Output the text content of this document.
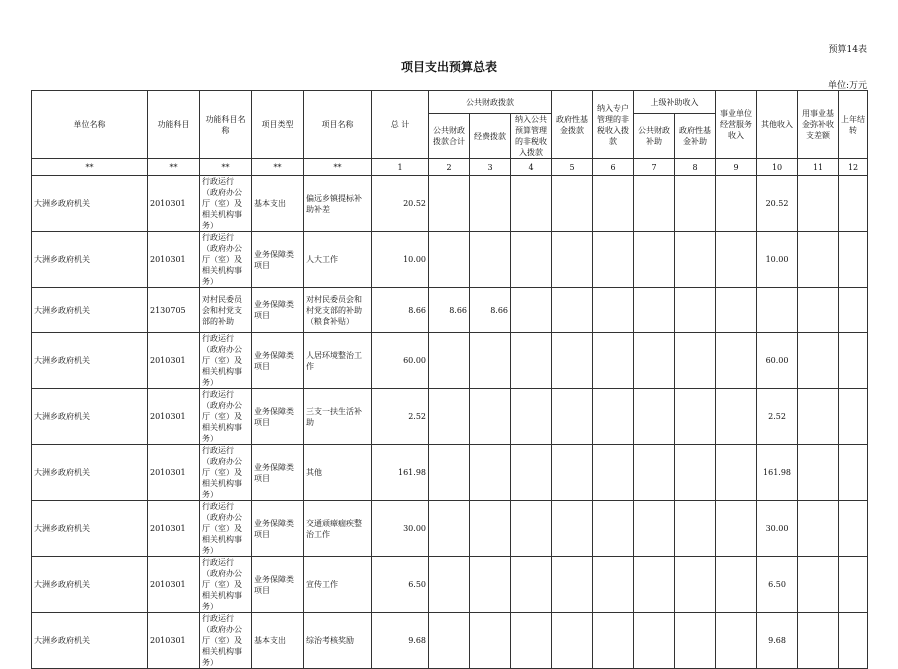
预算14表
项目支出预算总表
单位:万元
单位名称	功能科目	功能科目名称	项目类型	项目名称	总 计	公共财政拨款			政府性基金拨款	纳入专户管理的非税收入拨款	上级补助收入		事业单位经营服务收入	其他收入	用事业基金弥补收支差额	上年结转
						公共财政拨款合计	经费拨款	纳入公共预算管理的非税收入拨款			公共财政补助	政府性基金补助				
**	**	**	**	**	1	2	3	4	5	6	7	8	9	10	11	12
大洲乡政府机关	2010301	行政运行（政府办公厅（室）及相关机构事务）	基本支出	偏远乡镇提标补助补差	20.52									20.52		
大洲乡政府机关	2010301	行政运行（政府办公厅（室）及相关机构事务）	业务保障类项目	人大工作	10.00									10.00		
大洲乡政府机关	2130705	对村民委员会和村党支部的补助	业务保障类项目	对村民委员会和村党支部的补助（粮食补贴）	8.66	8.66	8.66									
大洲乡政府机关	2010301	行政运行（政府办公厅（室）及相关机构事务）	业务保障类项目	人居环境整治工作	60.00									60.00		
大洲乡政府机关	2010301	行政运行（政府办公厅（室）及相关机构事务）	业务保障类项目	三支一扶生活补助	2.52									2.52		
大洲乡政府机关	2010301	行政运行（政府办公厅（室）及相关机构事务）	业务保障类项目	其他	161.98									161.98		
大洲乡政府机关	2010301	行政运行（政府办公厅（室）及相关机构事务）	业务保障类项目	交通顽瘴痼疾整治工作	30.00									30.00		
大洲乡政府机关	2010301	行政运行（政府办公厅（室）及相关机构事务）	业务保障类项目	宣传工作	6.50									6.50		
大洲乡政府机关	2010301	行政运行（政府办公厅（室）及相关机构事务）	基本支出	综治考核奖励	9.68									9.68		
